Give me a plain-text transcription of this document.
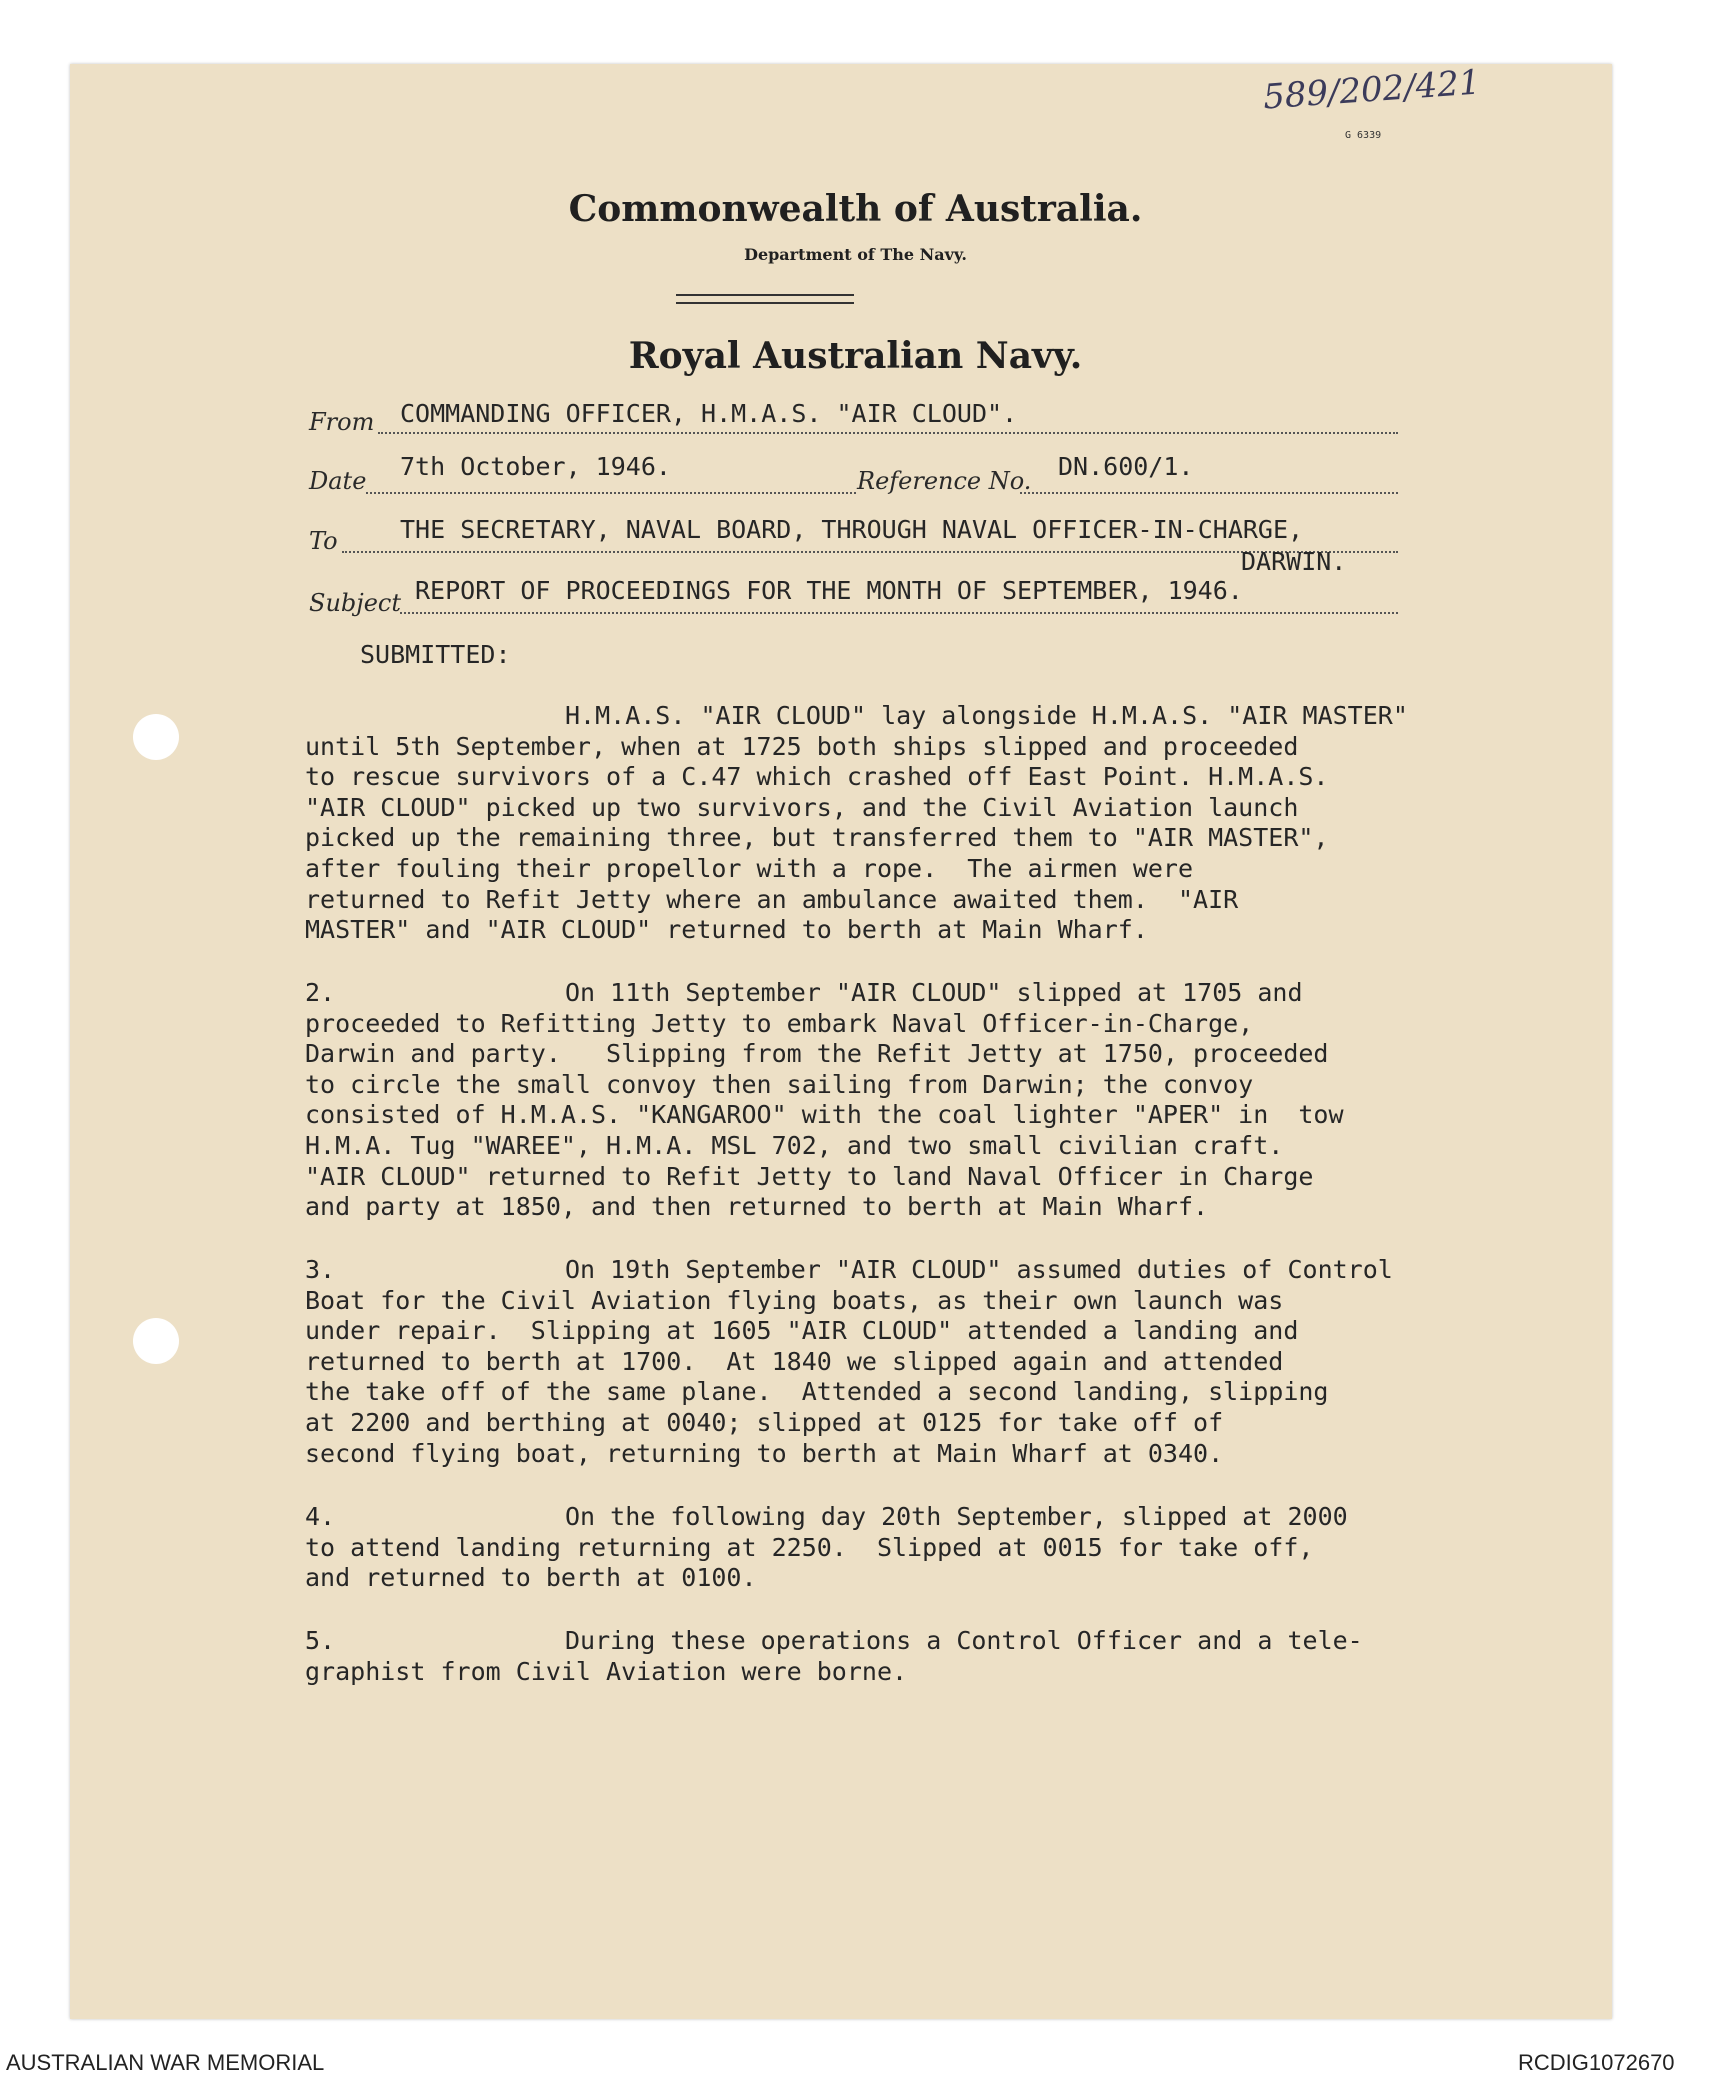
589/202/421
G 6339
Commonwealth of Australia.
Department of The Navy.
Royal Australian Navy.
From COMMANDING OFFICER, H.M.A.S. "AIR CLOUD".
Date 7th October, 1946.	Reference No. DN.600/1.
To THE SECRETARY, NAVAL BOARD, THROUGH NAVAL OFFICER-IN-CHARGE,
DARWIN.
Subject REPORT OF PROCEEDINGS FOR THE MONTH OF SEPTEMBER, 1946.
SUBMITTED:
H.M.A.S. "AIR CLOUD" lay alongside H.M.A.S. "AIR MASTER"
until 5th September, when at 1725 both ships slipped and proceeded
to rescue survivors of a C.47 which crashed off East Point. H.M.A.S.
"AIR CLOUD" picked up two survivors, and the Civil Aviation launch
picked up the remaining three, but transferred them to "AIR MASTER",
after fouling their propellor with a rope.  The airmen were
returned to Refit Jetty where an ambulance awaited them.  "AIR
MASTER" and "AIR CLOUD" returned to berth at Main Wharf.
2.	On 11th September "AIR CLOUD" slipped at 1705 and
proceeded to Refitting Jetty to embark Naval Officer-in-Charge,
Darwin and party.   Slipping from the Refit Jetty at 1750, proceeded
to circle the small convoy then sailing from Darwin; the convoy
consisted of H.M.A.S. "KANGAROO" with the coal lighter "APER" in  tow
H.M.A. Tug "WAREE", H.M.A. MSL 702, and two small civilian craft.
"AIR CLOUD" returned to Refit Jetty to land Naval Officer in Charge
and party at 1850, and then returned to berth at Main Wharf.
3.	On 19th September "AIR CLOUD" assumed duties of Control
Boat for the Civil Aviation flying boats, as their own launch was
under repair.  Slipping at 1605 "AIR CLOUD" attended a landing and
returned to berth at 1700.  At 1840 we slipped again and attended
the take off of the same plane.  Attended a second landing, slipping
at 2200 and berthing at 0040; slipped at 0125 for take off of
second flying boat, returning to berth at Main Wharf at 0340.
4.	On the following day 20th September, slipped at 2000
to attend landing returning at 2250.  Slipped at 0015 for take off,
and returned to berth at 0100.
5.	During these operations a Control Officer and a tele-
graphist from Civil Aviation were borne.
AUSTRALIAN WAR MEMORIAL	RCDIG1072670
